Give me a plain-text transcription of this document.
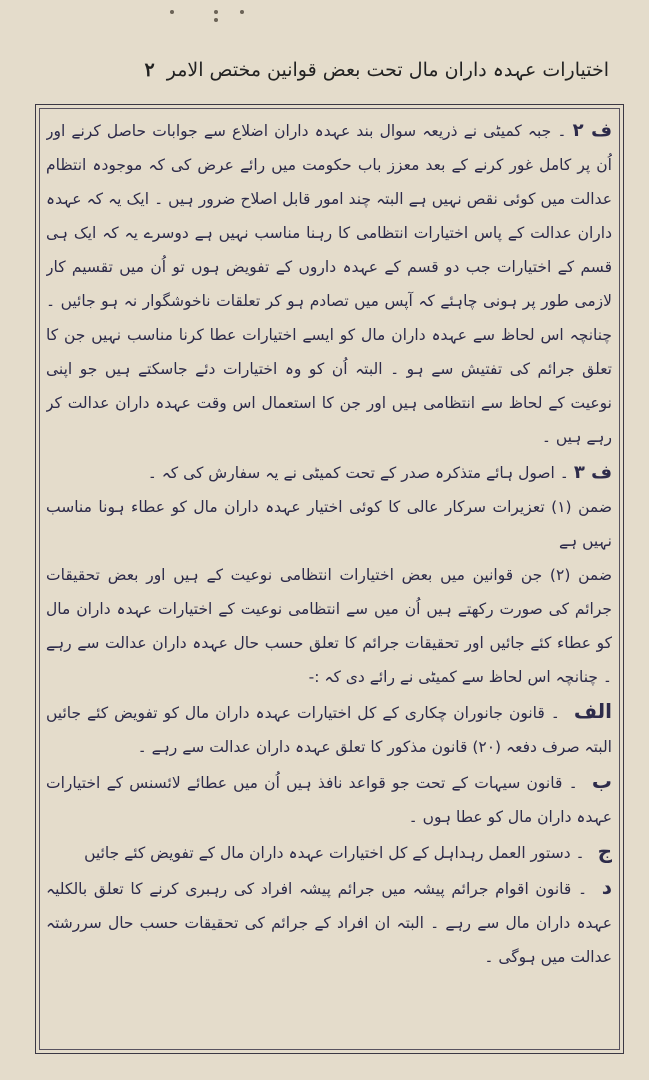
اختیارات عہدہ داران مال تحت بعض قوانین مختص الامر ۲

ف ۲ ۔ جبہ کمیٹی نے ذریعہ سوال بند عہدہ داران اضلاع سے جوابات حاصل کرنے اور اُن پر کامل غور کرنے کے بعد معزز باب حکومت میں رائے عرض کی کہ موجودہ انتظام عدالت میں کوئی نقص نہیں ہے البتہ چند امور قابل اصلاح ضرور ہیں ۔ ایک یہ کہ عہدہ داران عدالت کے پاس اختیارات انتظامی کا رہنا مناسب نہیں ہے دوسرے یہ کہ ایک ہی قسم کے اختیارات جب دو قسم کے عہدہ داروں کے تفویض ہوں تو اُن میں تقسیم کار لازمی طور پر ہونی چاہئے کہ آپس میں تصادم ہو کر تعلقات ناخوشگوار نہ ہو جائیں ۔ چنانچہ اس لحاظ سے عہدہ داران مال کو ایسے اختیارات عطا کرنا مناسب نہیں جن کا تعلق جرائم کی تفتیش سے ہو ۔ البتہ اُن کو وہ اختیارات دئے جاسکتے ہیں جو اپنی نوعیت کے لحاظ سے انتظامی ہیں اور جن کا استعمال اس وقت عہدہ داران عدالت کر رہے ہیں ۔

ف ۳ ۔ اصول ہائے متذکرہ صدر کے تحت کمیٹی نے یہ سفارش کی کہ ۔

ضمن (۱) تعزیرات سرکار عالی کا کوئی اختیار عہدہ داران مال کو عطاء ہونا مناسب نہیں ہے

ضمن (۲) جن قوانین میں بعض اختیارات انتظامی نوعیت کے ہیں اور بعض تحقیقات جرائم کی صورت رکھتے ہیں اُن میں سے انتظامی نوعیت کے اختیارات عہدہ داران مال کو عطاء کئے جائیں اور تحقیقات جرائم کا تعلق حسب حال عہدہ داران عدالت سے رہے ۔ چنانچہ اس لحاظ سے کمیٹی نے رائے دی کہ :-

الف ۔ قانون جانوران چکاری کے کل اختیارات عہدہ داران مال کو تفویض کئے جائیں البتہ صرف دفعہ (۲۰) قانون مذکور کا تعلق عہدہ داران عدالت سے رہے ۔

ب ۔ قانون سیہات کے تحت جو قواعد نافذ ہیں اُن میں عطائے لائسنس کے اختیارات عہدہ داران مال کو عطا ہوں ۔

ج ۔ دستور العمل رہداہل کے کل اختیارات عہدہ داران مال کے تفویض کئے جائیں

د ۔ قانون اقوام جرائم پیشہ میں جرائم پیشہ افراد کی رہبری کرنے کا تعلق بالکلیہ عہدہ داران مال سے رہے ۔ البتہ ان افراد کے جرائم کی تحقیقات حسب حال سررشتہ عدالت میں ہوگی ۔
